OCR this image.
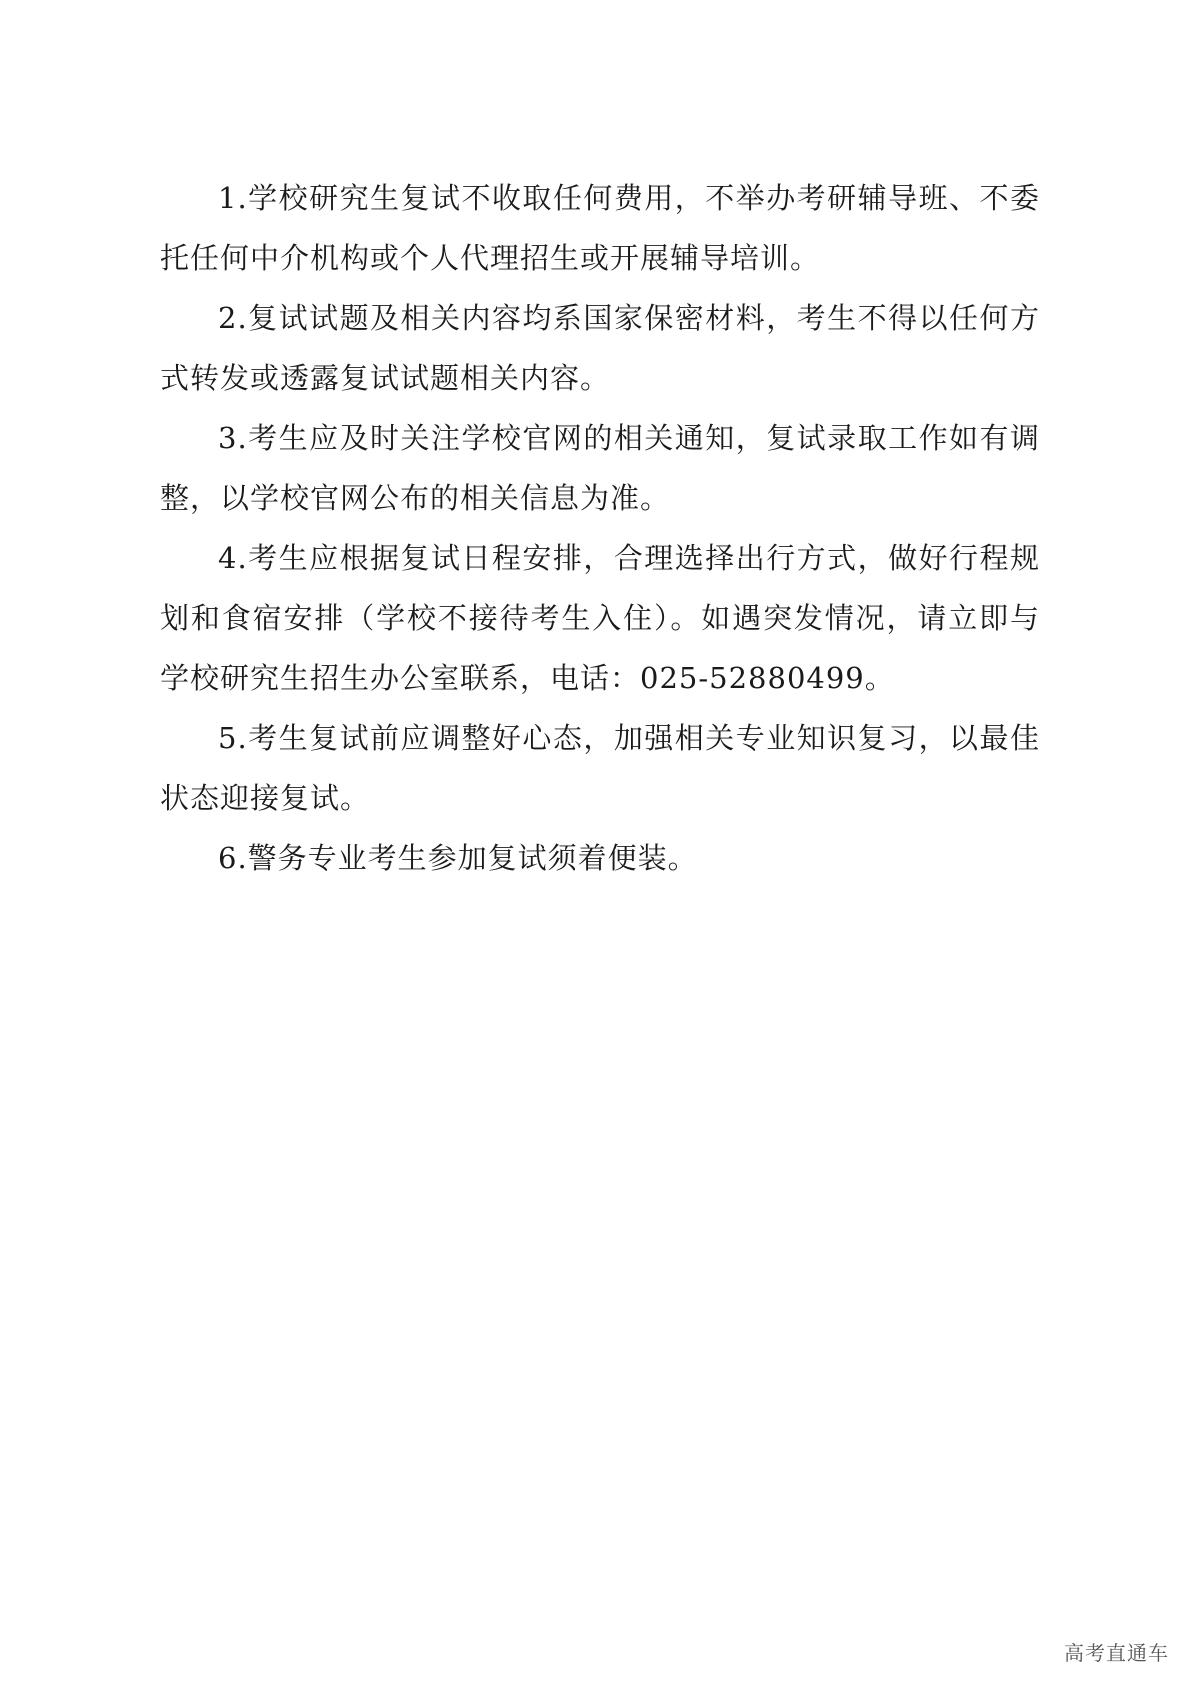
1.学校研究生复试不收取任何费用，不举办考研辅导班、不委托任何中介机构或个人代理招生或开展辅导培训。

2.复试试题及相关内容均系国家保密材料，考生不得以任何方式转发或透露复试试题相关内容。

3.考生应及时关注学校官网的相关通知，复试录取工作如有调整，以学校官网公布的相关信息为准。

4.考生应根据复试日程安排，合理选择出行方式，做好行程规划和食宿安排（学校不接待考生入住）。如遇突发情况，请立即与学校研究生招生办公室联系，电话：025-52880499。

5.考生复试前应调整好心态，加强相关专业知识复习，以最佳状态迎接复试。

6.警务专业考生参加复试须着便装。

高考直通车
